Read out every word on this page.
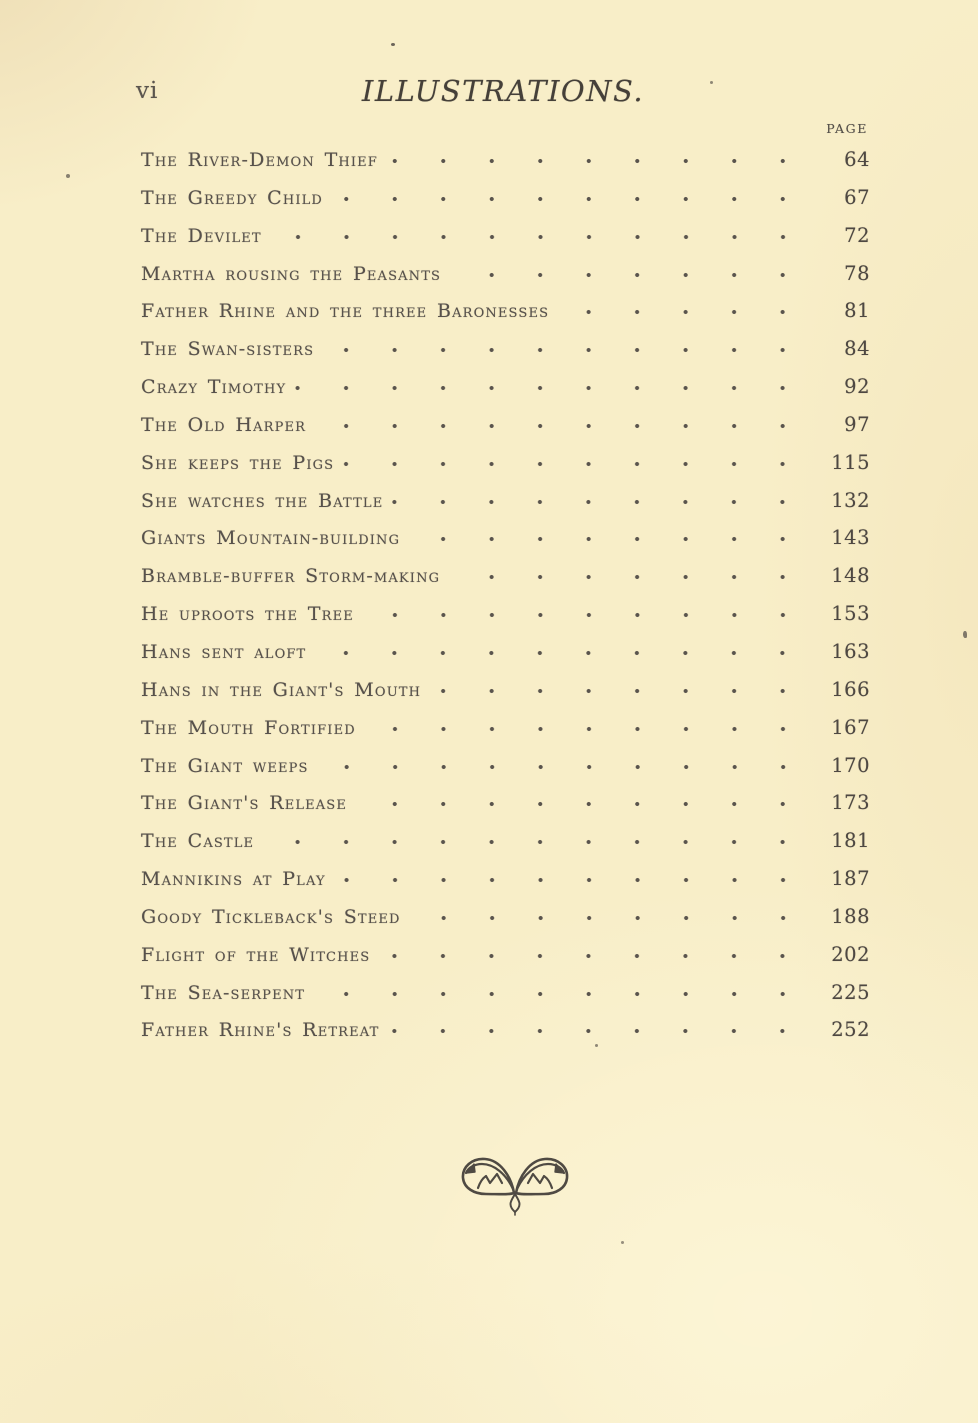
vi	ILLUSTRATIONS.
PAGE
The River-Demon Thief	64
The Greedy Child	67
The Devilet	72
Martha rousing the Peasants	78
Father Rhine and the three Baronesses	81
The Swan-sisters	84
Crazy Timothy	92
The Old Harper	97
She keeps the Pigs	115
She watches the Battle	132
Giants Mountain-building	143
Bramble-buffer Storm-making	148
He uproots the Tree	153
Hans sent aloft	163
Hans in the Giant's Mouth	166
The Mouth Fortified	167
The Giant weeps	170
The Giant's Release	173
The Castle	181
Mannikins at Play	187
Goody Tickleback's Steed	188
Flight of the Witches	202
The Sea-serpent	225
Father Rhine's Retreat	252
